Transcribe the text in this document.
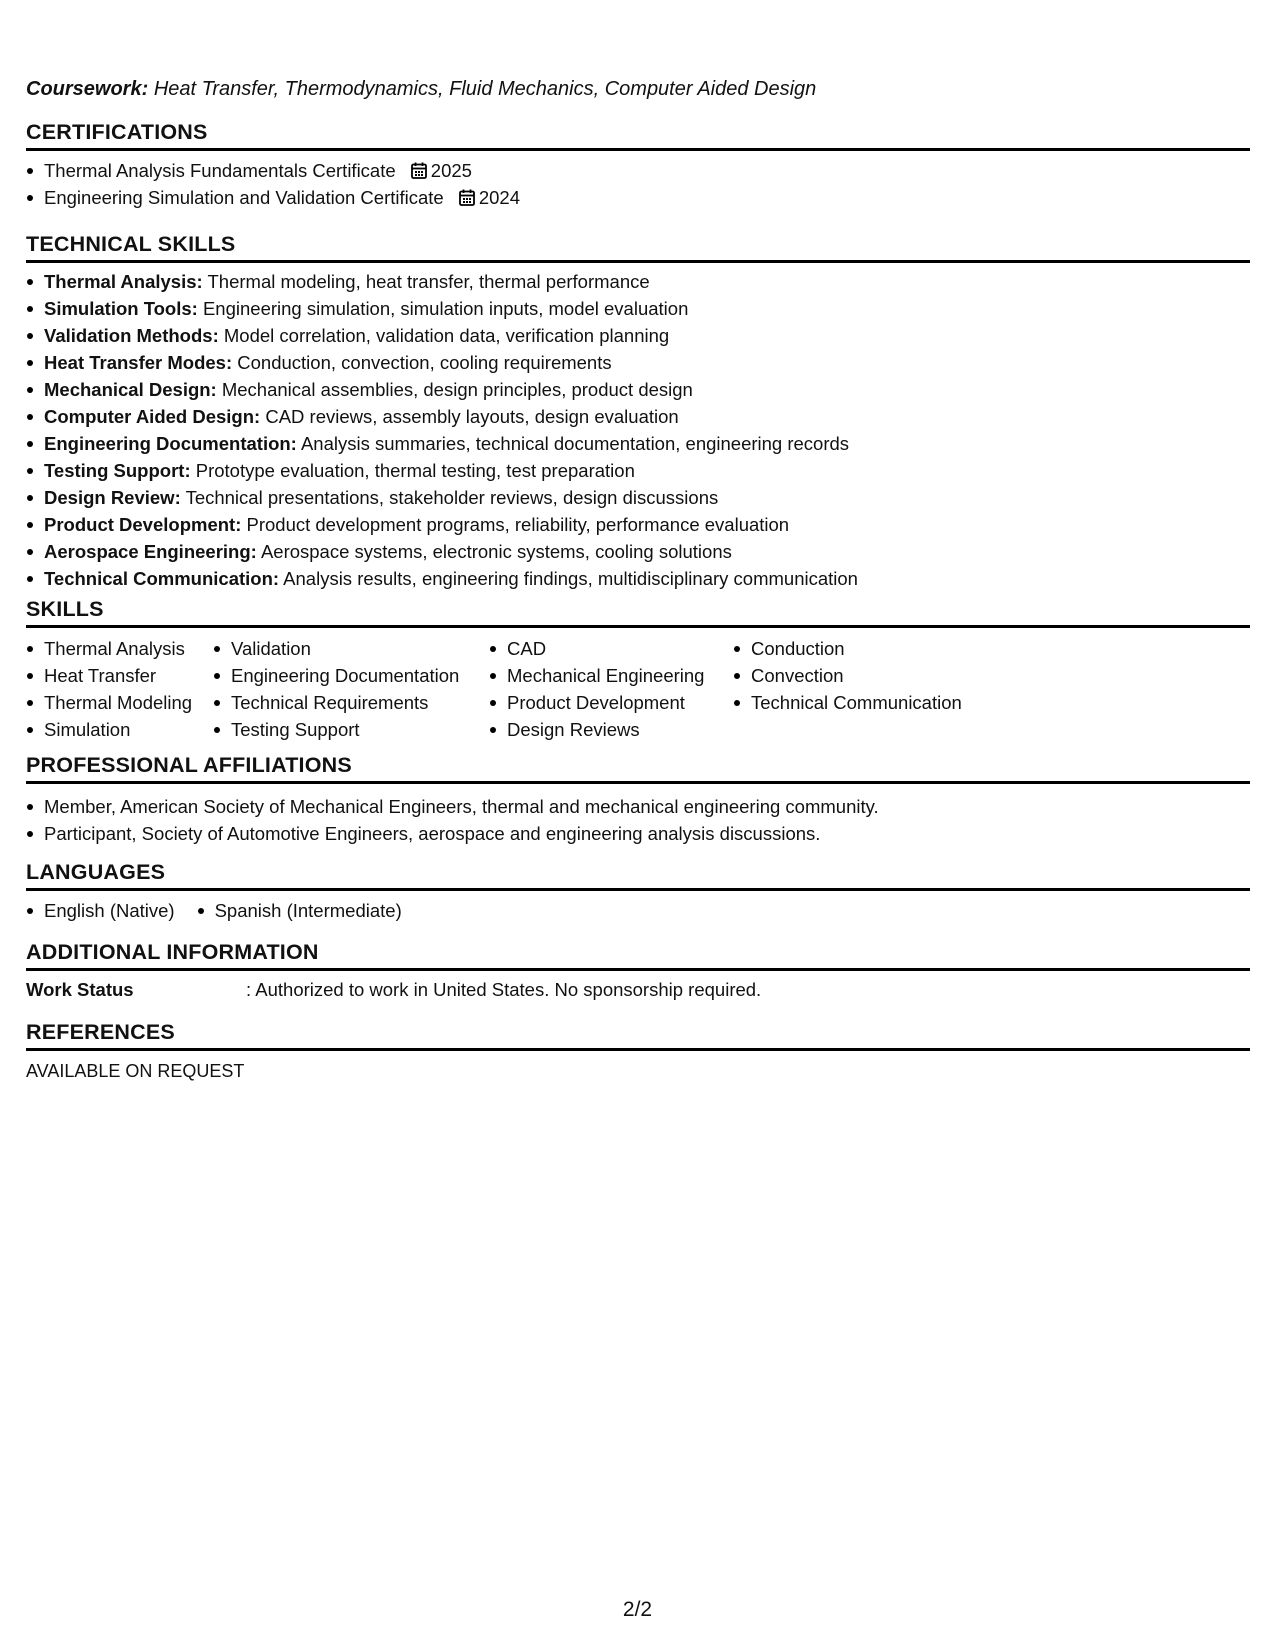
Coursework: Heat Transfer, Thermodynamics, Fluid Mechanics, Computer Aided Design
CERTIFICATIONS
Thermal Analysis Fundamentals Certificate 2025
Engineering Simulation and Validation Certificate 2024
TECHNICAL SKILLS
Thermal Analysis: Thermal modeling, heat transfer, thermal performance
Simulation Tools: Engineering simulation, simulation inputs, model evaluation
Validation Methods: Model correlation, validation data, verification planning
Heat Transfer Modes: Conduction, convection, cooling requirements
Mechanical Design: Mechanical assemblies, design principles, product design
Computer Aided Design: CAD reviews, assembly layouts, design evaluation
Engineering Documentation: Analysis summaries, technical documentation, engineering records
Testing Support: Prototype evaluation, thermal testing, test preparation
Design Review: Technical presentations, stakeholder reviews, design discussions
Product Development: Product development programs, reliability, performance evaluation
Aerospace Engineering: Aerospace systems, electronic systems, cooling solutions
Technical Communication: Analysis results, engineering findings, multidisciplinary communication
SKILLS
Thermal Analysis
Heat Transfer
Thermal Modeling
Simulation
Validation
Engineering Documentation
Technical Requirements
Testing Support
CAD
Mechanical Engineering
Product Development
Design Reviews
Conduction
Convection
Technical Communication
PROFESSIONAL AFFILIATIONS
Member, American Society of Mechanical Engineers, thermal and mechanical engineering community.
Participant, Society of Automotive Engineers, aerospace and engineering analysis discussions.
LANGUAGES
English (Native)	Spanish (Intermediate)
ADDITIONAL INFORMATION
Work Status	: Authorized to work in United States. No sponsorship required.
REFERENCES
AVAILABLE ON REQUEST
2/2
